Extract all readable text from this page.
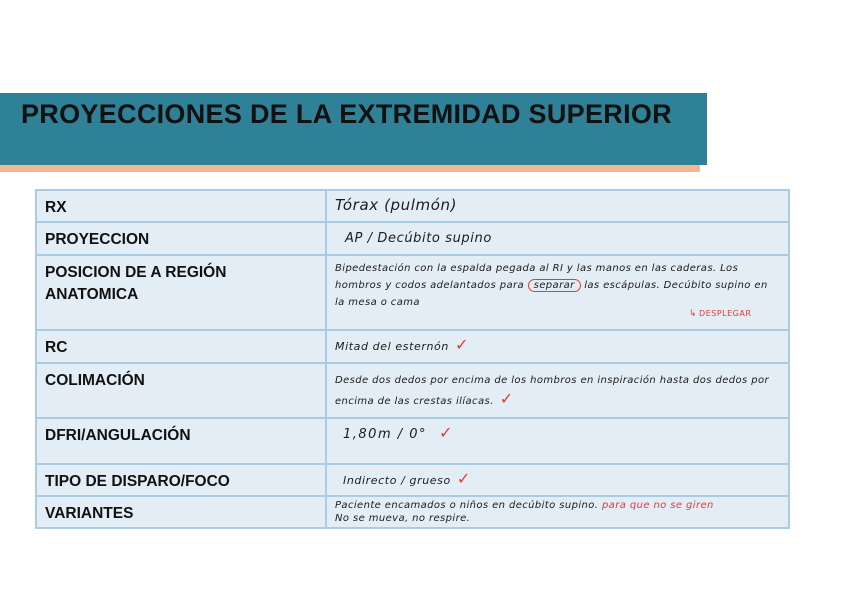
PROYECCIONES DE LA EXTREMIDAD SUPERIOR
RX	Tórax (pulmón)
PROYECCION	AP / Decúbito supino
POSICION DE A REGIÓN ANATOMICA	Bipedestación con la espalda pegada al RI y las manos en las caderas. Los hombros y codos adelantados para separar las escápulas. Decúbito supino en la mesa o cama
↳ DESPLEGAR

RC	Mitad del esternón ✓
COLIMACIÓN	Desde dos dedos por encima de los hombros en inspiración hasta dos dedos por encima de las crestas ilíacas. ✓
DFRI/ANGULACIÓN	1,80m / 0° ✓
TIPO DE DISPARO/FOCO	Indirecto / grueso ✓
VARIANTES	Paciente encamados o niños en decúbito supino. para que no se giren
No se mueva, no respire.
